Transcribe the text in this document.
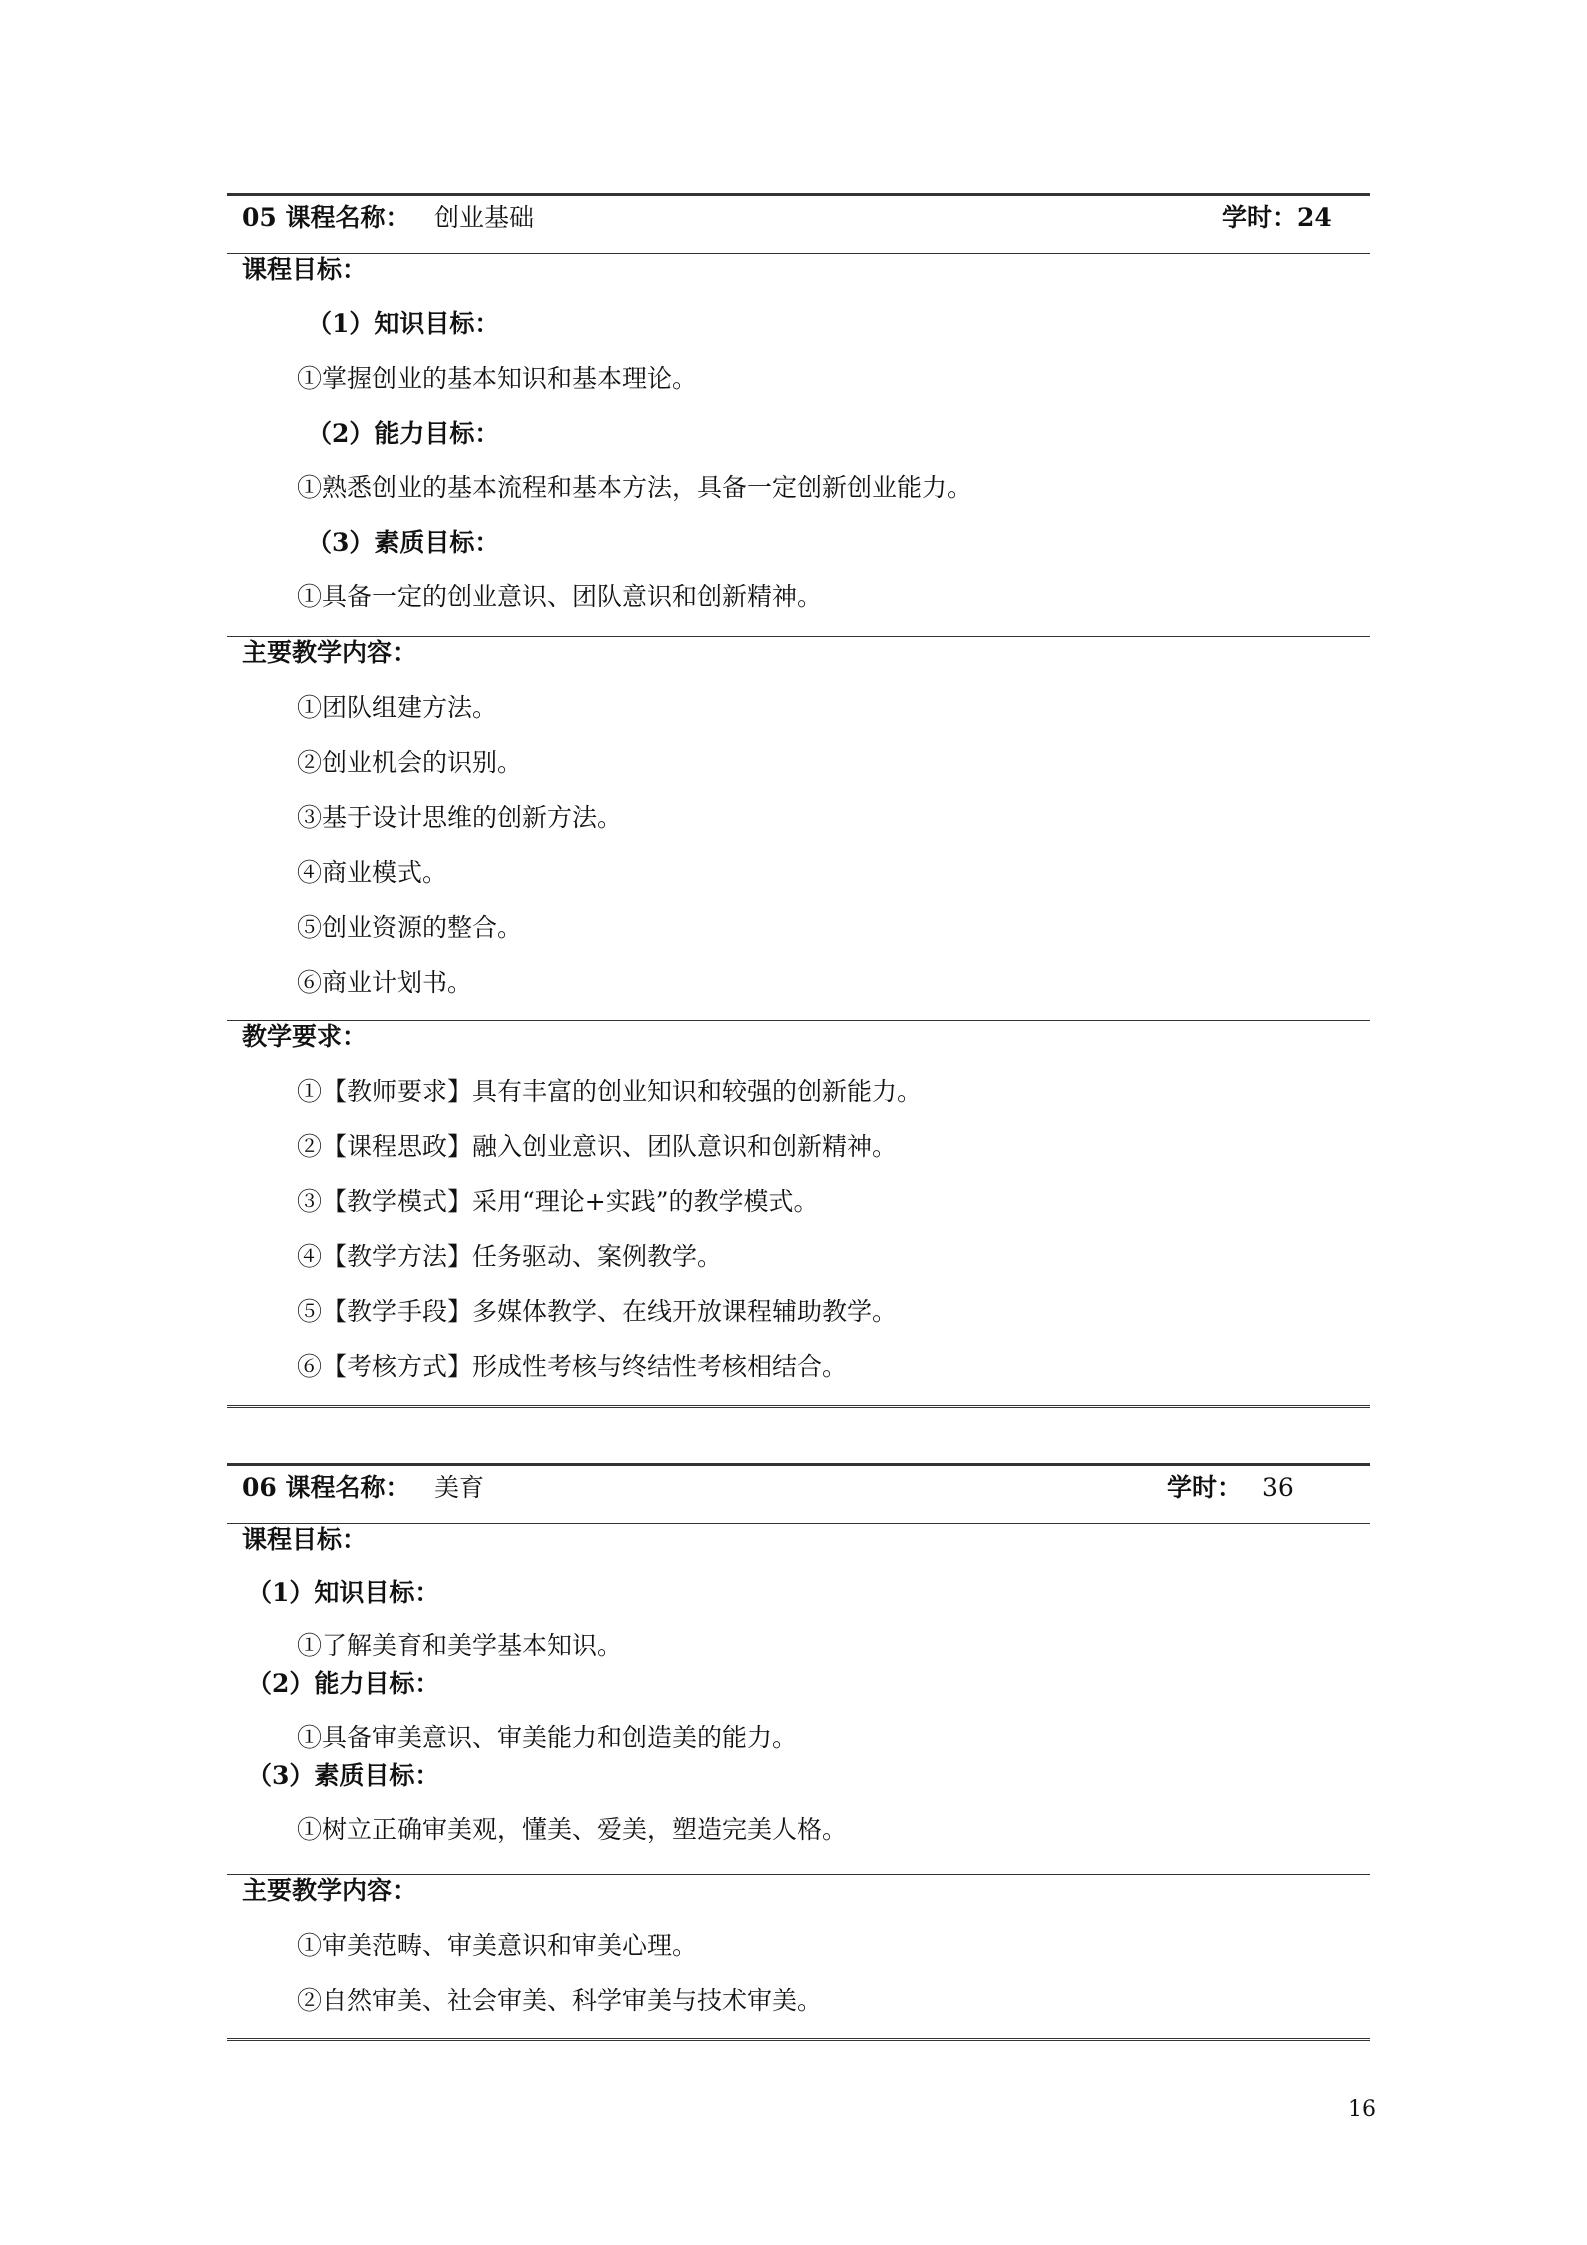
05 课程名称： 创业基础	学时：24
课程目标：
（1）知识目标：
①掌握创业的基本知识和基本理论。
（2）能力目标：
①熟悉创业的基本流程和基本方法，具备一定创新创业能力。
（3）素质目标：
①具备一定的创业意识、团队意识和创新精神。
主要教学内容：
①团队组建方法。
②创业机会的识别。
③基于设计思维的创新方法。
④商业模式。
⑤创业资源的整合。
⑥商业计划书。
教学要求：
①【教师要求】具有丰富的创业知识和较强的创新能力。
②【课程思政】融入创业意识、团队意识和创新精神。
③【教学模式】采用“理论+实践”的教学模式。
④【教学方法】任务驱动、案例教学。
⑤【教学手段】多媒体教学、在线开放课程辅助教学。
⑥【考核方式】形成性考核与终结性考核相结合。
06 课程名称： 美育	学时： 36
课程目标：
（1）知识目标：
①了解美育和美学基本知识。
（2）能力目标：
①具备审美意识、审美能力和创造美的能力。
（3）素质目标：
①树立正确审美观，懂美、爱美，塑造完美人格。
主要教学内容：
①审美范畴、审美意识和审美心理。
②自然审美、社会审美、科学审美与技术审美。
16
